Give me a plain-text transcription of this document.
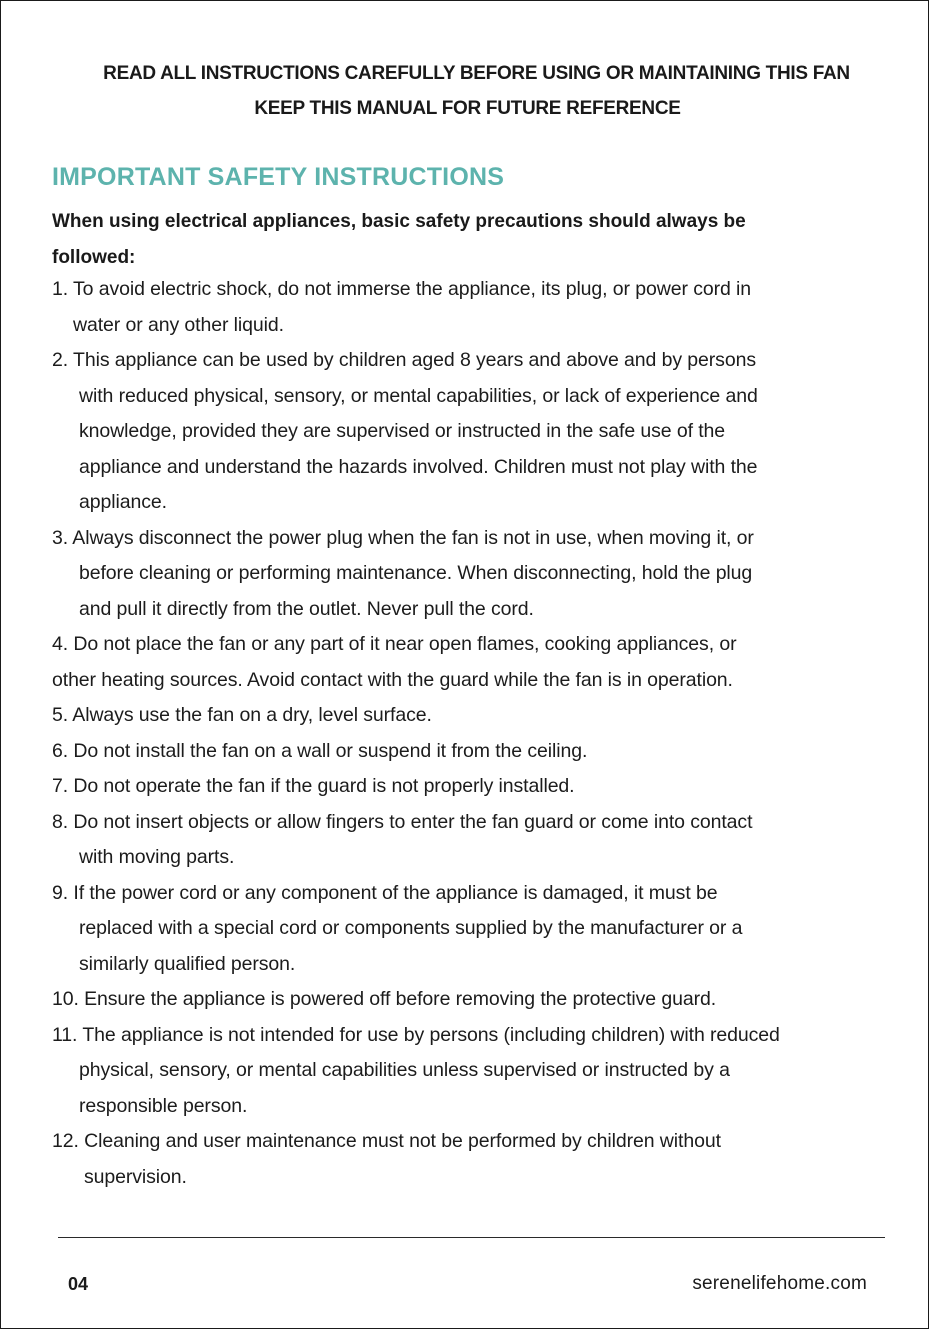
READ ALL INSTRUCTIONS CAREFULLY BEFORE USING OR MAINTAINING THIS FAN
KEEP THIS MANUAL FOR FUTURE REFERENCE
IMPORTANT SAFETY INSTRUCTIONS
When using electrical appliances, basic safety precautions should always be
followed:
1. To avoid electric shock, do not immerse the appliance, its plug, or power cord in
water or any other liquid.
2. This appliance can be used by children aged 8 years and above and by persons
with reduced physical, sensory, or mental capabilities, or lack of experience and
knowledge, provided they are supervised or instructed in the safe use of the
appliance and understand the hazards involved. Children must not play with the
appliance.
3. Always disconnect the power plug when the fan is not in use, when moving it, or
before cleaning or performing maintenance. When disconnecting, hold the plug
and pull it directly from the outlet. Never pull the cord.
4. Do not place the fan or any part of it near open flames, cooking appliances, or
other heating sources. Avoid contact with the guard while the fan is in operation.
5. Always use the fan on a dry, level surface.
6. Do not install the fan on a wall or suspend it from the ceiling.
7. Do not operate the fan if the guard is not properly installed.
8. Do not insert objects or allow fingers to enter the fan guard or come into contact
with moving parts.
9. If the power cord or any component of the appliance is damaged, it must be
replaced with a special cord or components supplied by the manufacturer or a
similarly qualified person.
10. Ensure the appliance is powered off before removing the protective guard.
11. The appliance is not intended for use by persons (including children) with reduced
physical, sensory, or mental capabilities unless supervised or instructed by a
responsible person.
12. Cleaning and user maintenance must not be performed by children without
supervision.
04	serenelifehome.com
